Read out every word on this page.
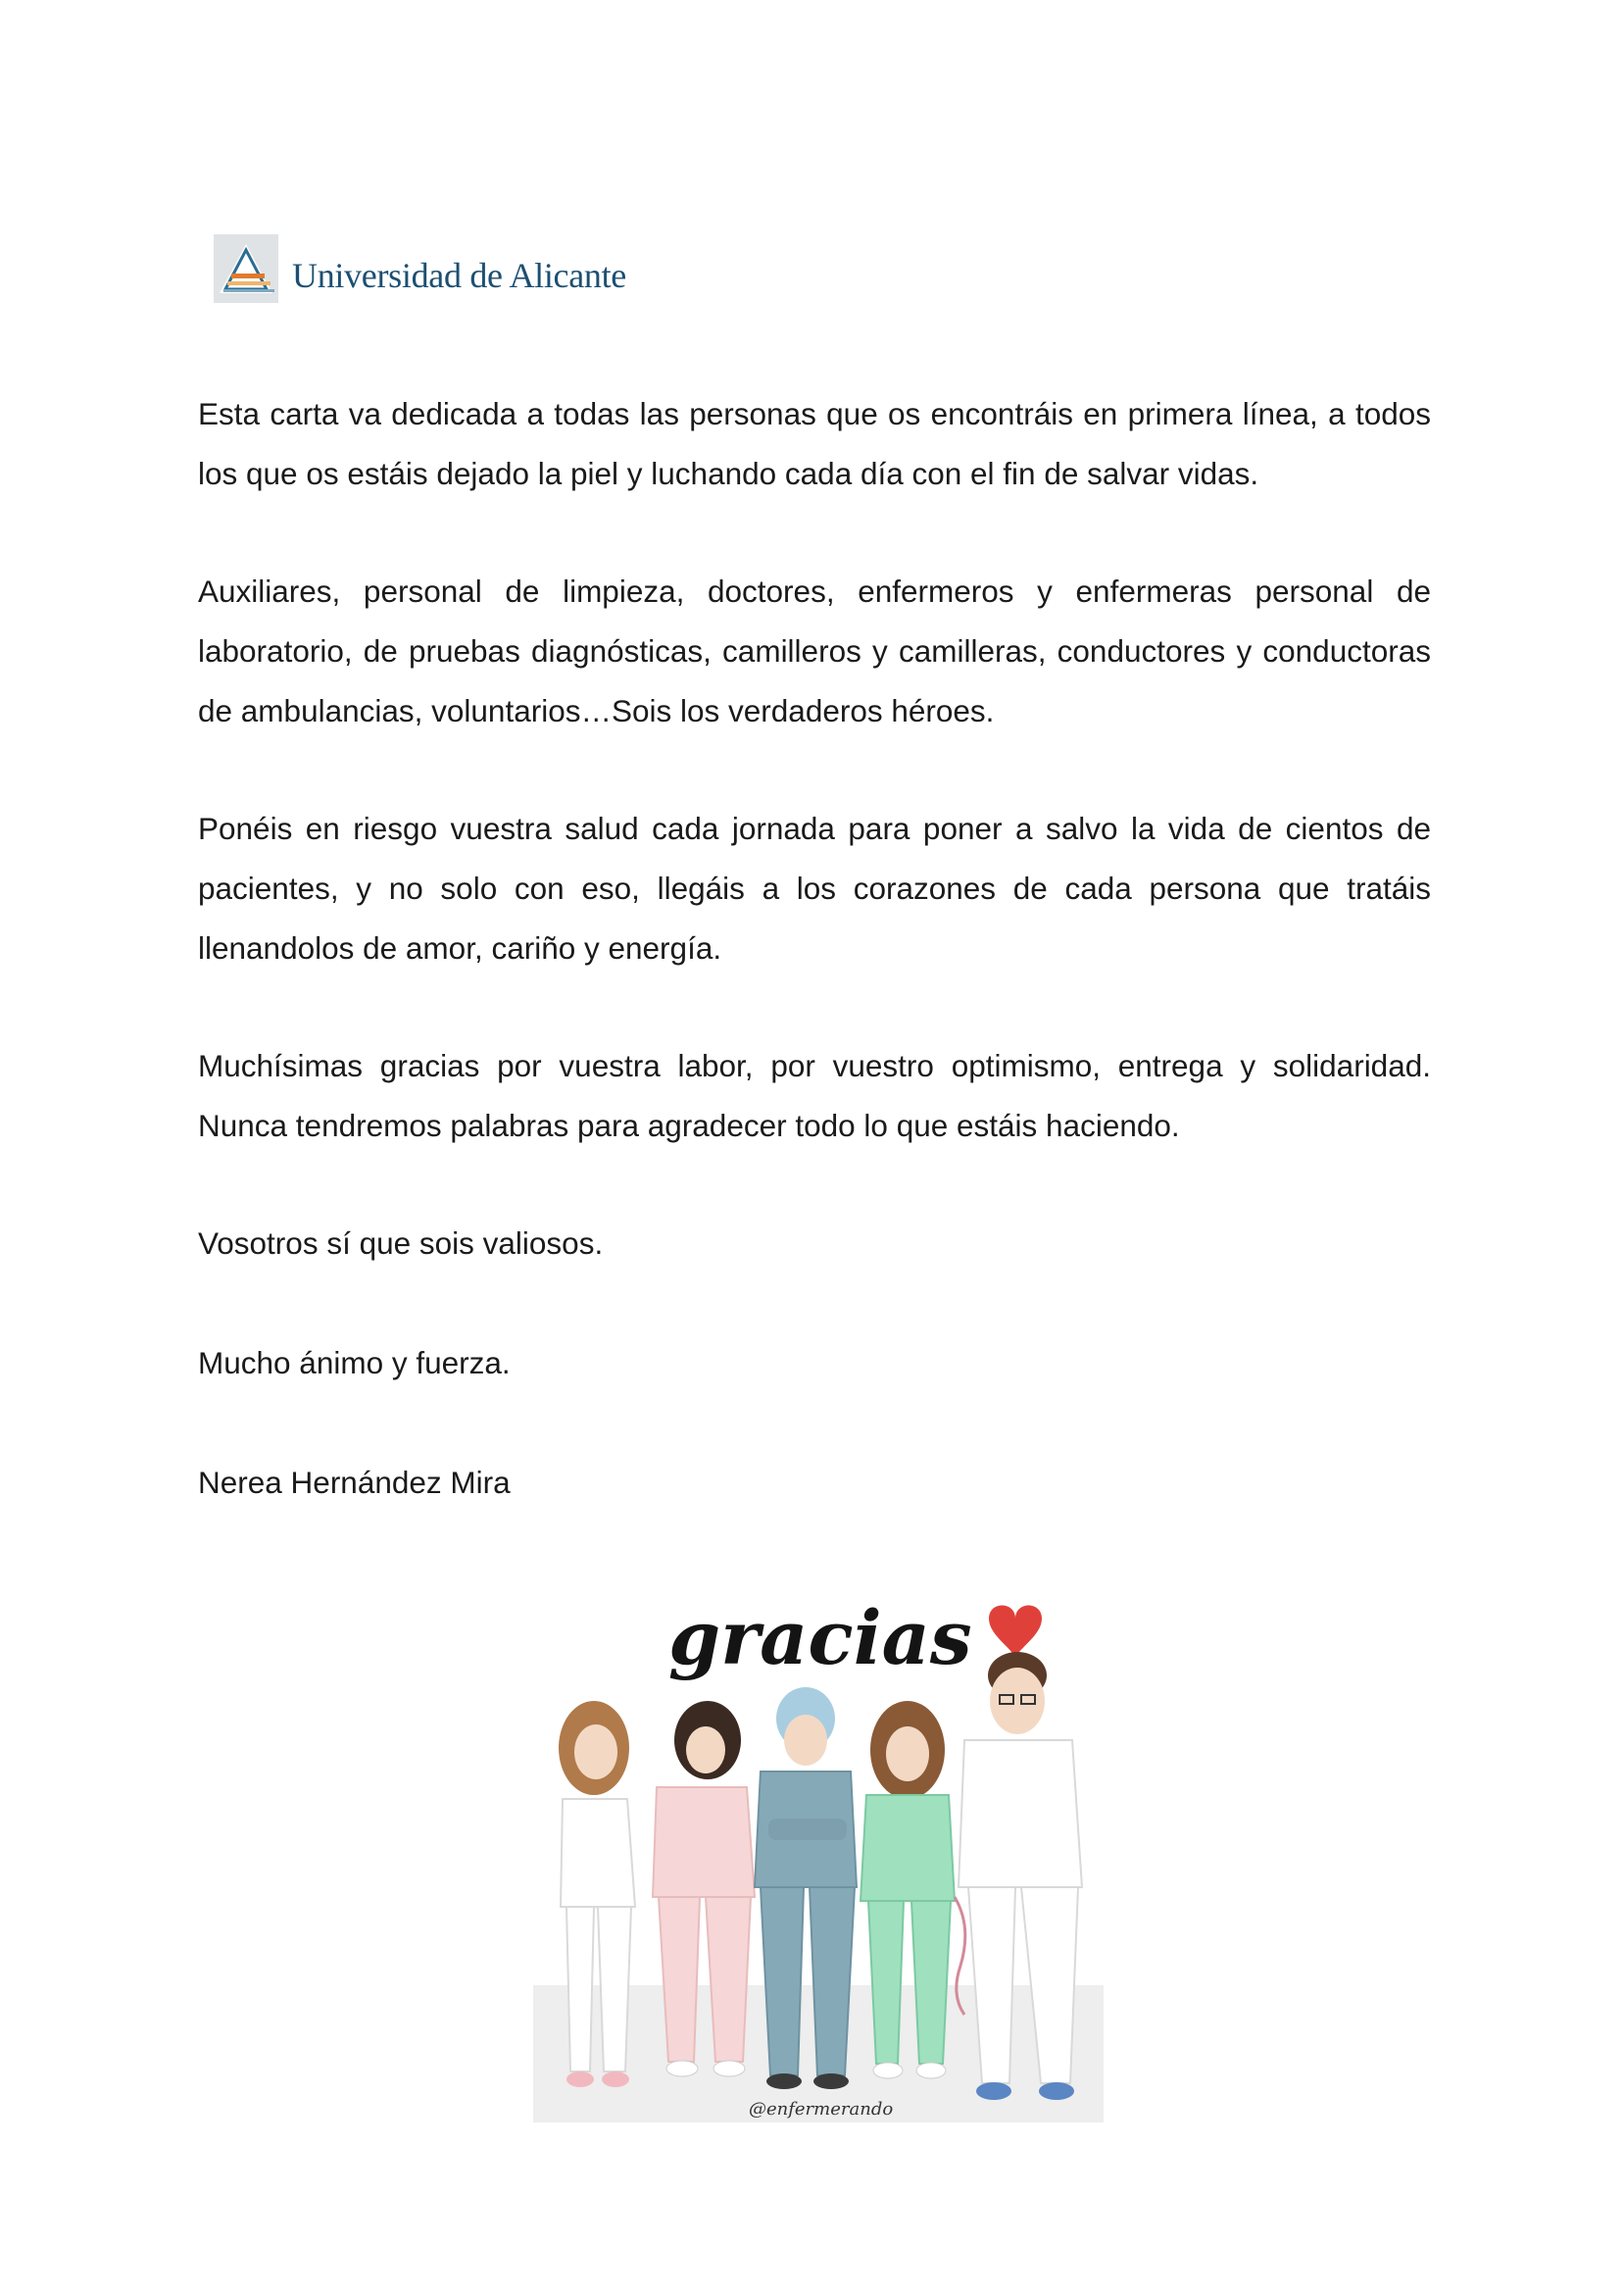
Universidad de Alicante

Esta carta va dedicada a todas las personas que os encontráis en primera línea, a todos los que os estáis dejado la piel y luchando cada día con el fin de salvar vidas.

Auxiliares, personal de limpieza, doctores, enfermeros y enfermeras personal de laboratorio, de pruebas diagnósticas, camilleros y camilleras, conductores y conductoras de ambulancias, voluntarios…Sois los verdaderos héroes.

Ponéis en riesgo vuestra salud cada jornada para poner a salvo la vida de cientos de pacientes, y no solo con eso, llegáis a los corazones de cada persona que tratáis llenandolos de amor, cariño y energía.

Muchísimas gracias por vuestra labor, por vuestro optimismo, entrega y solidaridad. Nunca tendremos palabras para agradecer todo lo que estáis haciendo.

Vosotros sí que sois valiosos.

Mucho ánimo y fuerza.

Nerea Hernández Mira

gracias
@enfermerando
